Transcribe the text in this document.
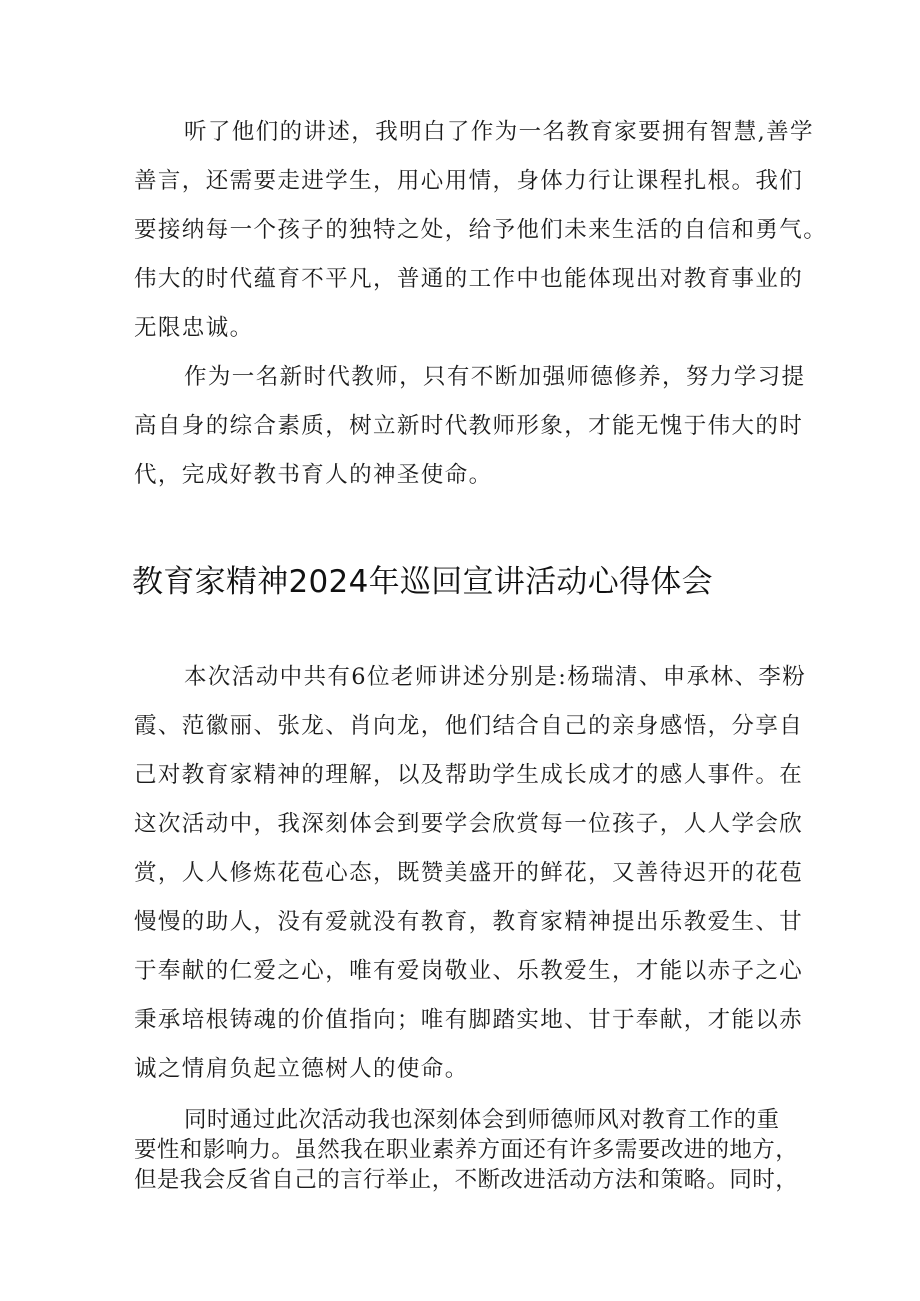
听了他们的讲述，我明白了作为一名教育家要拥有智慧,善学
善言，还需要走进学生，用心用情，身体力行让课程扎根。我们
要接纳每一个孩子的独特之处，给予他们未来生活的自信和勇气。
伟大的时代蕴育不平凡，普通的工作中也能体现出对教育事业的
无限忠诚。
作为一名新时代教师，只有不断加强师德修养，努力学习提
高自身的综合素质，树立新时代教师形象，才能无愧于伟大的时
代，完成好教书育人的神圣使命。
教育家精神2024年巡回宣讲活动心得体会
本次活动中共有6位老师讲述分别是:杨瑞清、申承林、李粉
霞、范徽丽、张龙、肖向龙，他们结合自己的亲身感悟，分享自
己对教育家精神的理解，以及帮助学生成长成才的感人事件。在
这次活动中，我深刻体会到要学会欣赏每一位孩子，人人学会欣
赏，人人修炼花苞心态，既赞美盛开的鲜花，又善待迟开的花苞
慢慢的助人，没有爱就没有教育，教育家精神提出乐教爱生、甘
于奉献的仁爱之心，唯有爱岗敬业、乐教爱生，才能以赤子之心
秉承培根铸魂的价值指向；唯有脚踏实地、甘于奉献，才能以赤
诚之情肩负起立德树人的使命。
同时通过此次活动我也深刻体会到师德师风对教育工作的重
要性和影响力。虽然我在职业素养方面还有许多需要改进的地方，
但是我会反省自己的言行举止，不断改进活动方法和策略。同时，
